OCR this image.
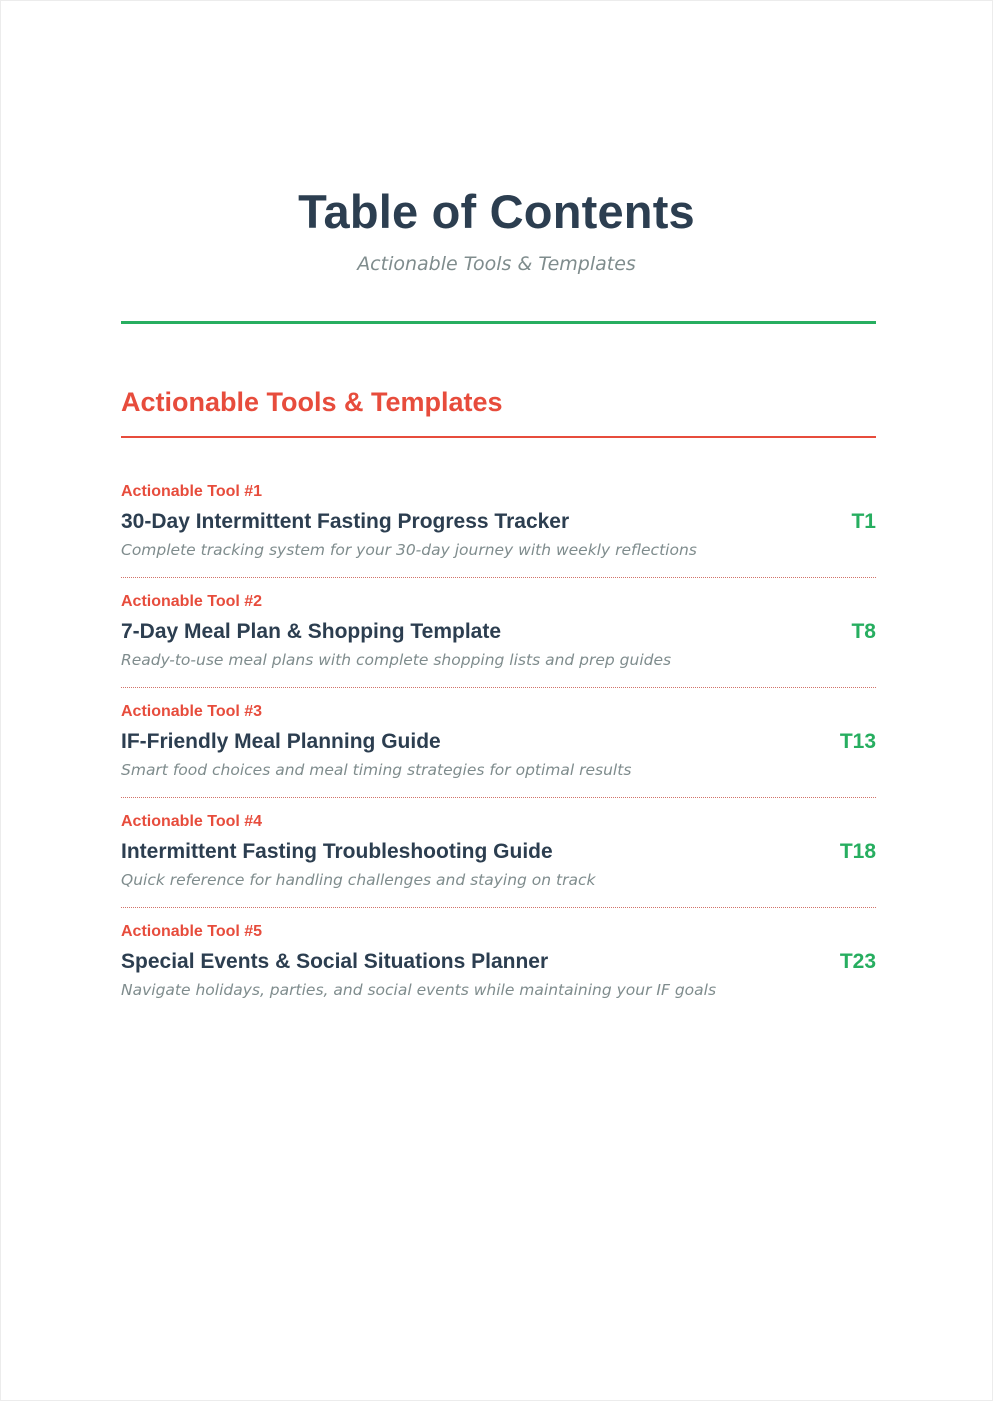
Table of Contents

Actionable Tools & Templates

Actionable Tools & Templates
Actionable Tool #1
30-Day Intermittent Fasting Progress Tracker	T1
Complete tracking system for your 30-day journey with weekly reflections
Actionable Tool #2
7-Day Meal Plan & Shopping Template	T8
Ready-to-use meal plans with complete shopping lists and prep guides
Actionable Tool #3
IF-Friendly Meal Planning Guide	T13
Smart food choices and meal timing strategies for optimal results
Actionable Tool #4
Intermittent Fasting Troubleshooting Guide	T18
Quick reference for handling challenges and staying on track
Actionable Tool #5
Special Events & Social Situations Planner	T23
Navigate holidays, parties, and social events while maintaining your IF goals
